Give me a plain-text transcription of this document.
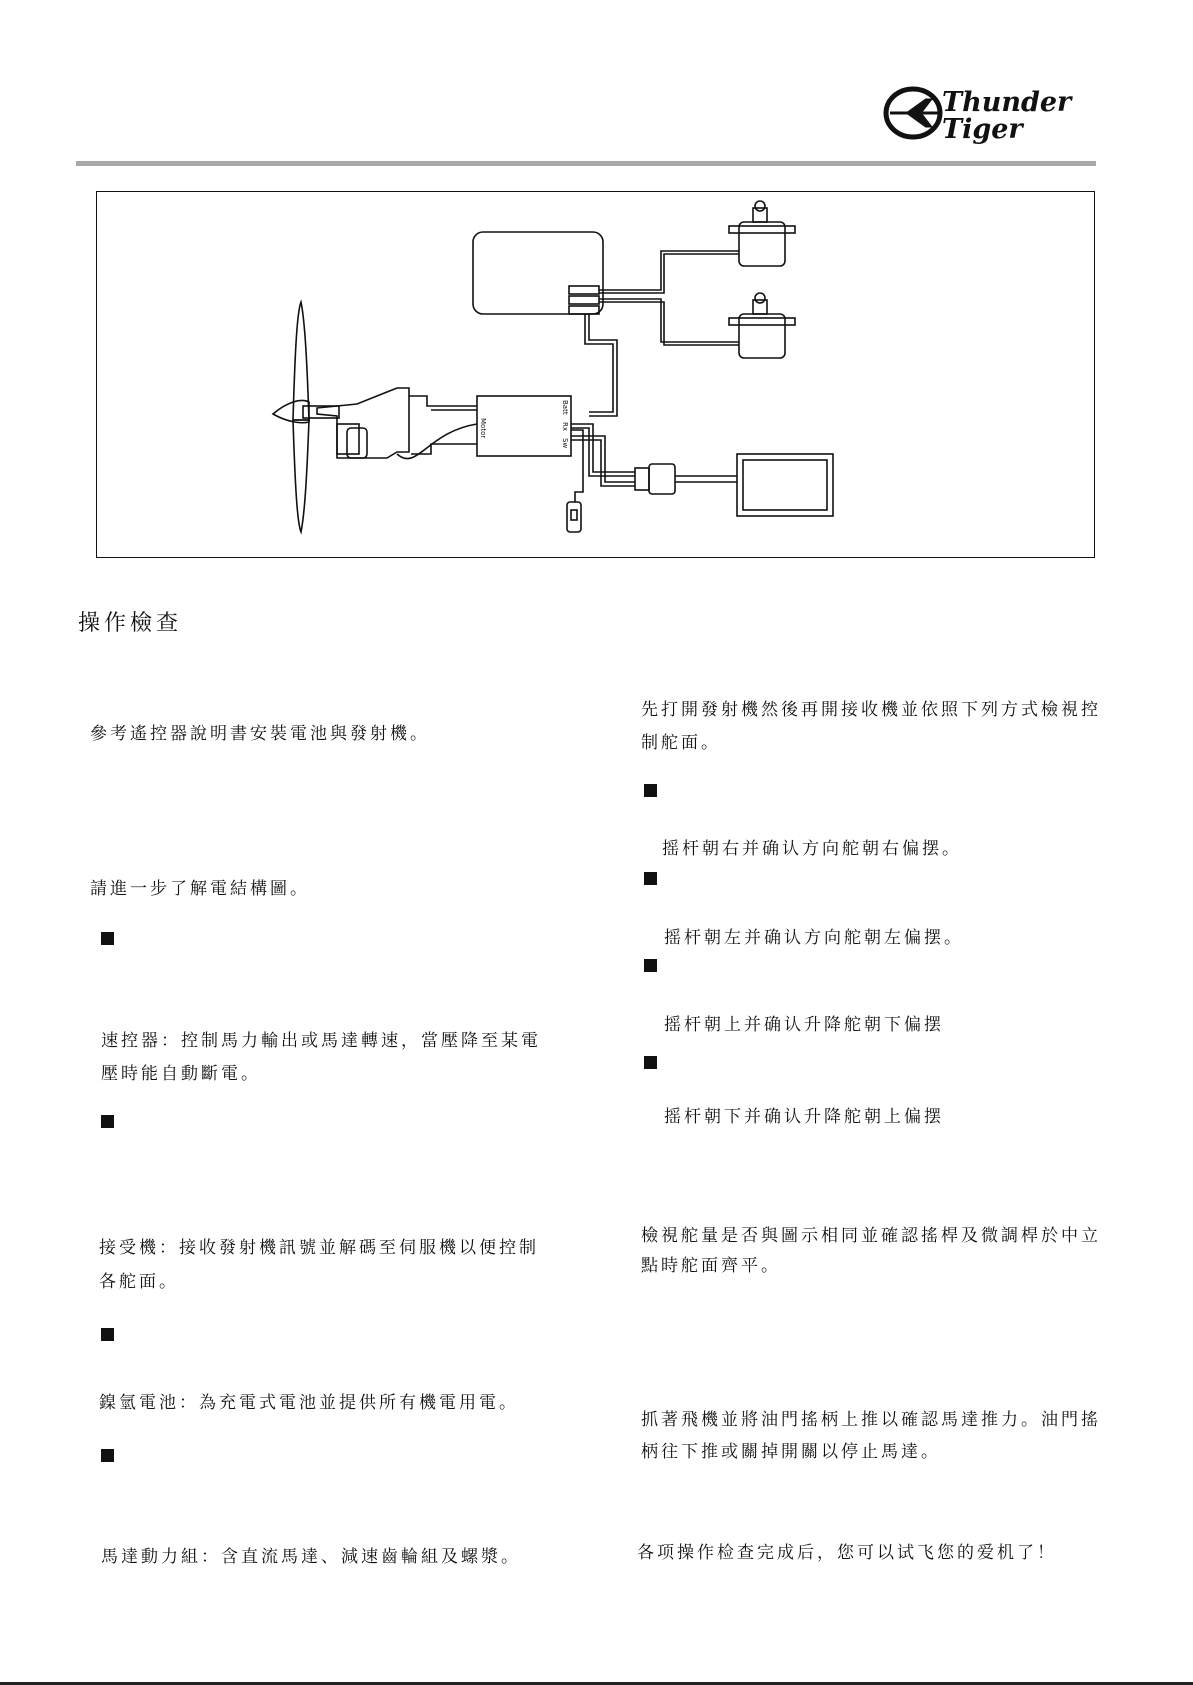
Thunder
Tiger
Motor
Batt
Rx
Sw
操作檢查
參考遙控器說明書安裝電池與發射機。
請進一步了解電結構圖。
速控器：控制馬力輸出或馬達轉速，當壓降至某電
壓時能自動斷電。
接受機：接收發射機訊號並解碼至伺服機以便控制
各舵面。
鎳氫電池：為充電式電池並提供所有機電用電。
馬達動力組：含直流馬達、減速齒輪組及螺漿。
先打開發射機然後再開接收機並依照下列方式檢視控
制舵面。
摇杆朝右并确认方向舵朝右偏摆。
摇杆朝左并确认方向舵朝左偏摆。
摇杆朝上并确认升降舵朝下偏摆
摇杆朝下并确认升降舵朝上偏摆
檢視舵量是否與圖示相同並確認搖桿及微調桿於中立
點時舵面齊平。
抓著飛機並將油門搖柄上推以確認馬達推力。油門搖
柄往下推或關掉開關以停止馬達。
各项操作检查完成后，您可以试飞您的爱机了！
